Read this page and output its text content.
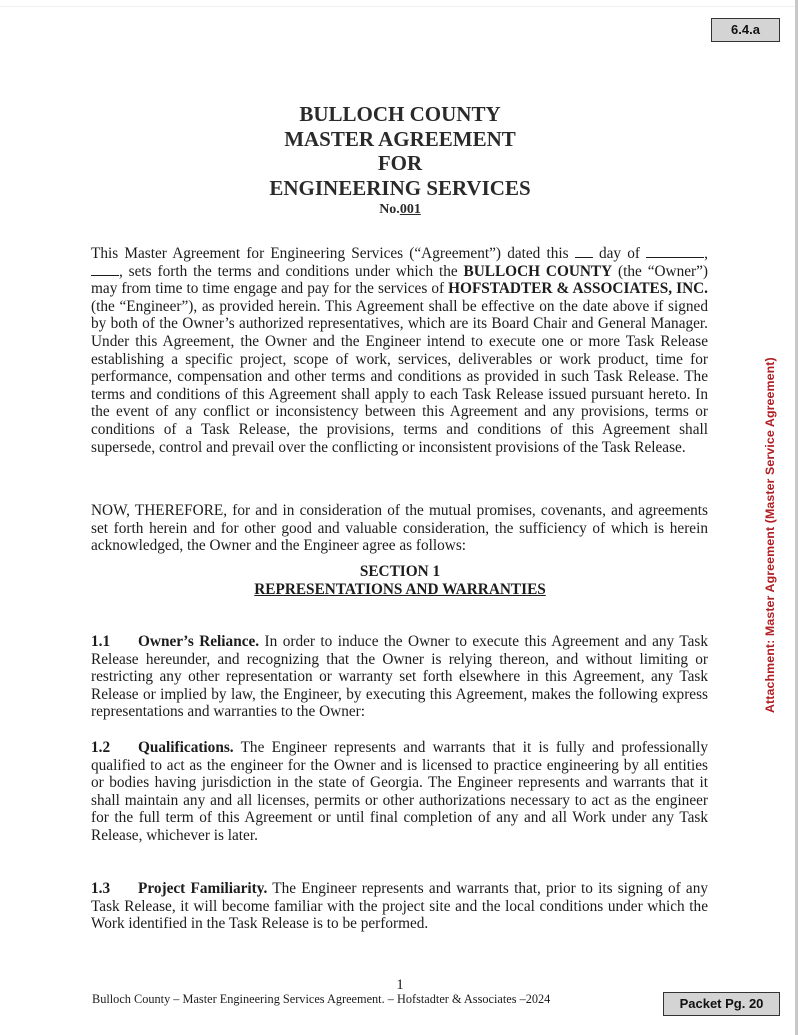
6.4.a
Attachment: Master Agreement (Master Service Agreement)
BULLOCH COUNTY
MASTER AGREEMENT
FOR
ENGINEERING SERVICES
No.001
This Master Agreement for Engineering Services (“Agreement”) dated this  day of	, , sets forth the terms and conditions under which the BULLOCH COUNTY (the “Owner”) may from time to time engage and pay for the services of HOFSTADTER & ASSOCIATES, INC. (the “Engineer”), as provided herein. This Agreement shall be effective on the date above if signed by both of the Owner’s authorized representatives, which are its Board Chair and General Manager. Under this Agreement, the Owner and the Engineer intend to execute one or more Task Release establishing a specific project, scope of work, services, deliverables or work product, time for performance, compensation and other terms and conditions as provided in such Task Release. The terms and conditions of this Agreement shall apply to each Task Release issued pursuant hereto. In the event of any conflict or inconsistency between this Agreement and any provisions, terms or conditions of a Task Release, the provisions, terms and conditions of this Agreement shall supersede, control and prevail over the conflicting or inconsistent provisions of the Task Release.
NOW, THEREFORE, for and in consideration of the mutual promises, covenants, and agreements set forth herein and for other good and valuable consideration, the sufficiency of which is herein acknowledged, the Owner and the Engineer agree as follows:
SECTION 1
REPRESENTATIONS AND WARRANTIES
1.1 Owner’s Reliance. In order to induce the Owner to execute this Agreement and any Task Release hereunder, and recognizing that the Owner is relying thereon, and without limiting or restricting any other representation or warranty set forth elsewhere in this Agreement, any Task Release or implied by law, the Engineer, by executing this Agreement, makes the following express representations and warranties to the Owner:
1.2 Qualifications. The Engineer represents and warrants that it is fully and professionally qualified to act as the engineer for the Owner and is licensed to practice engineering by all entities or bodies having jurisdiction in the state of Georgia. The Engineer represents and warrants that it shall maintain any and all licenses, permits or other authorizations necessary to act as the engineer for the full term of this Agreement or until final completion of any and all Work under any Task Release, whichever is later.
1.3 Project Familiarity. The Engineer represents and warrants that, prior to its signing of any Task Release, it will become familiar with the project site and the local conditions under which the Work identified in the Task Release is to be performed.
1
Bulloch County – Master Engineering Services Agreement. – Hofstadter & Associates –2024	Packet Pg. 20
